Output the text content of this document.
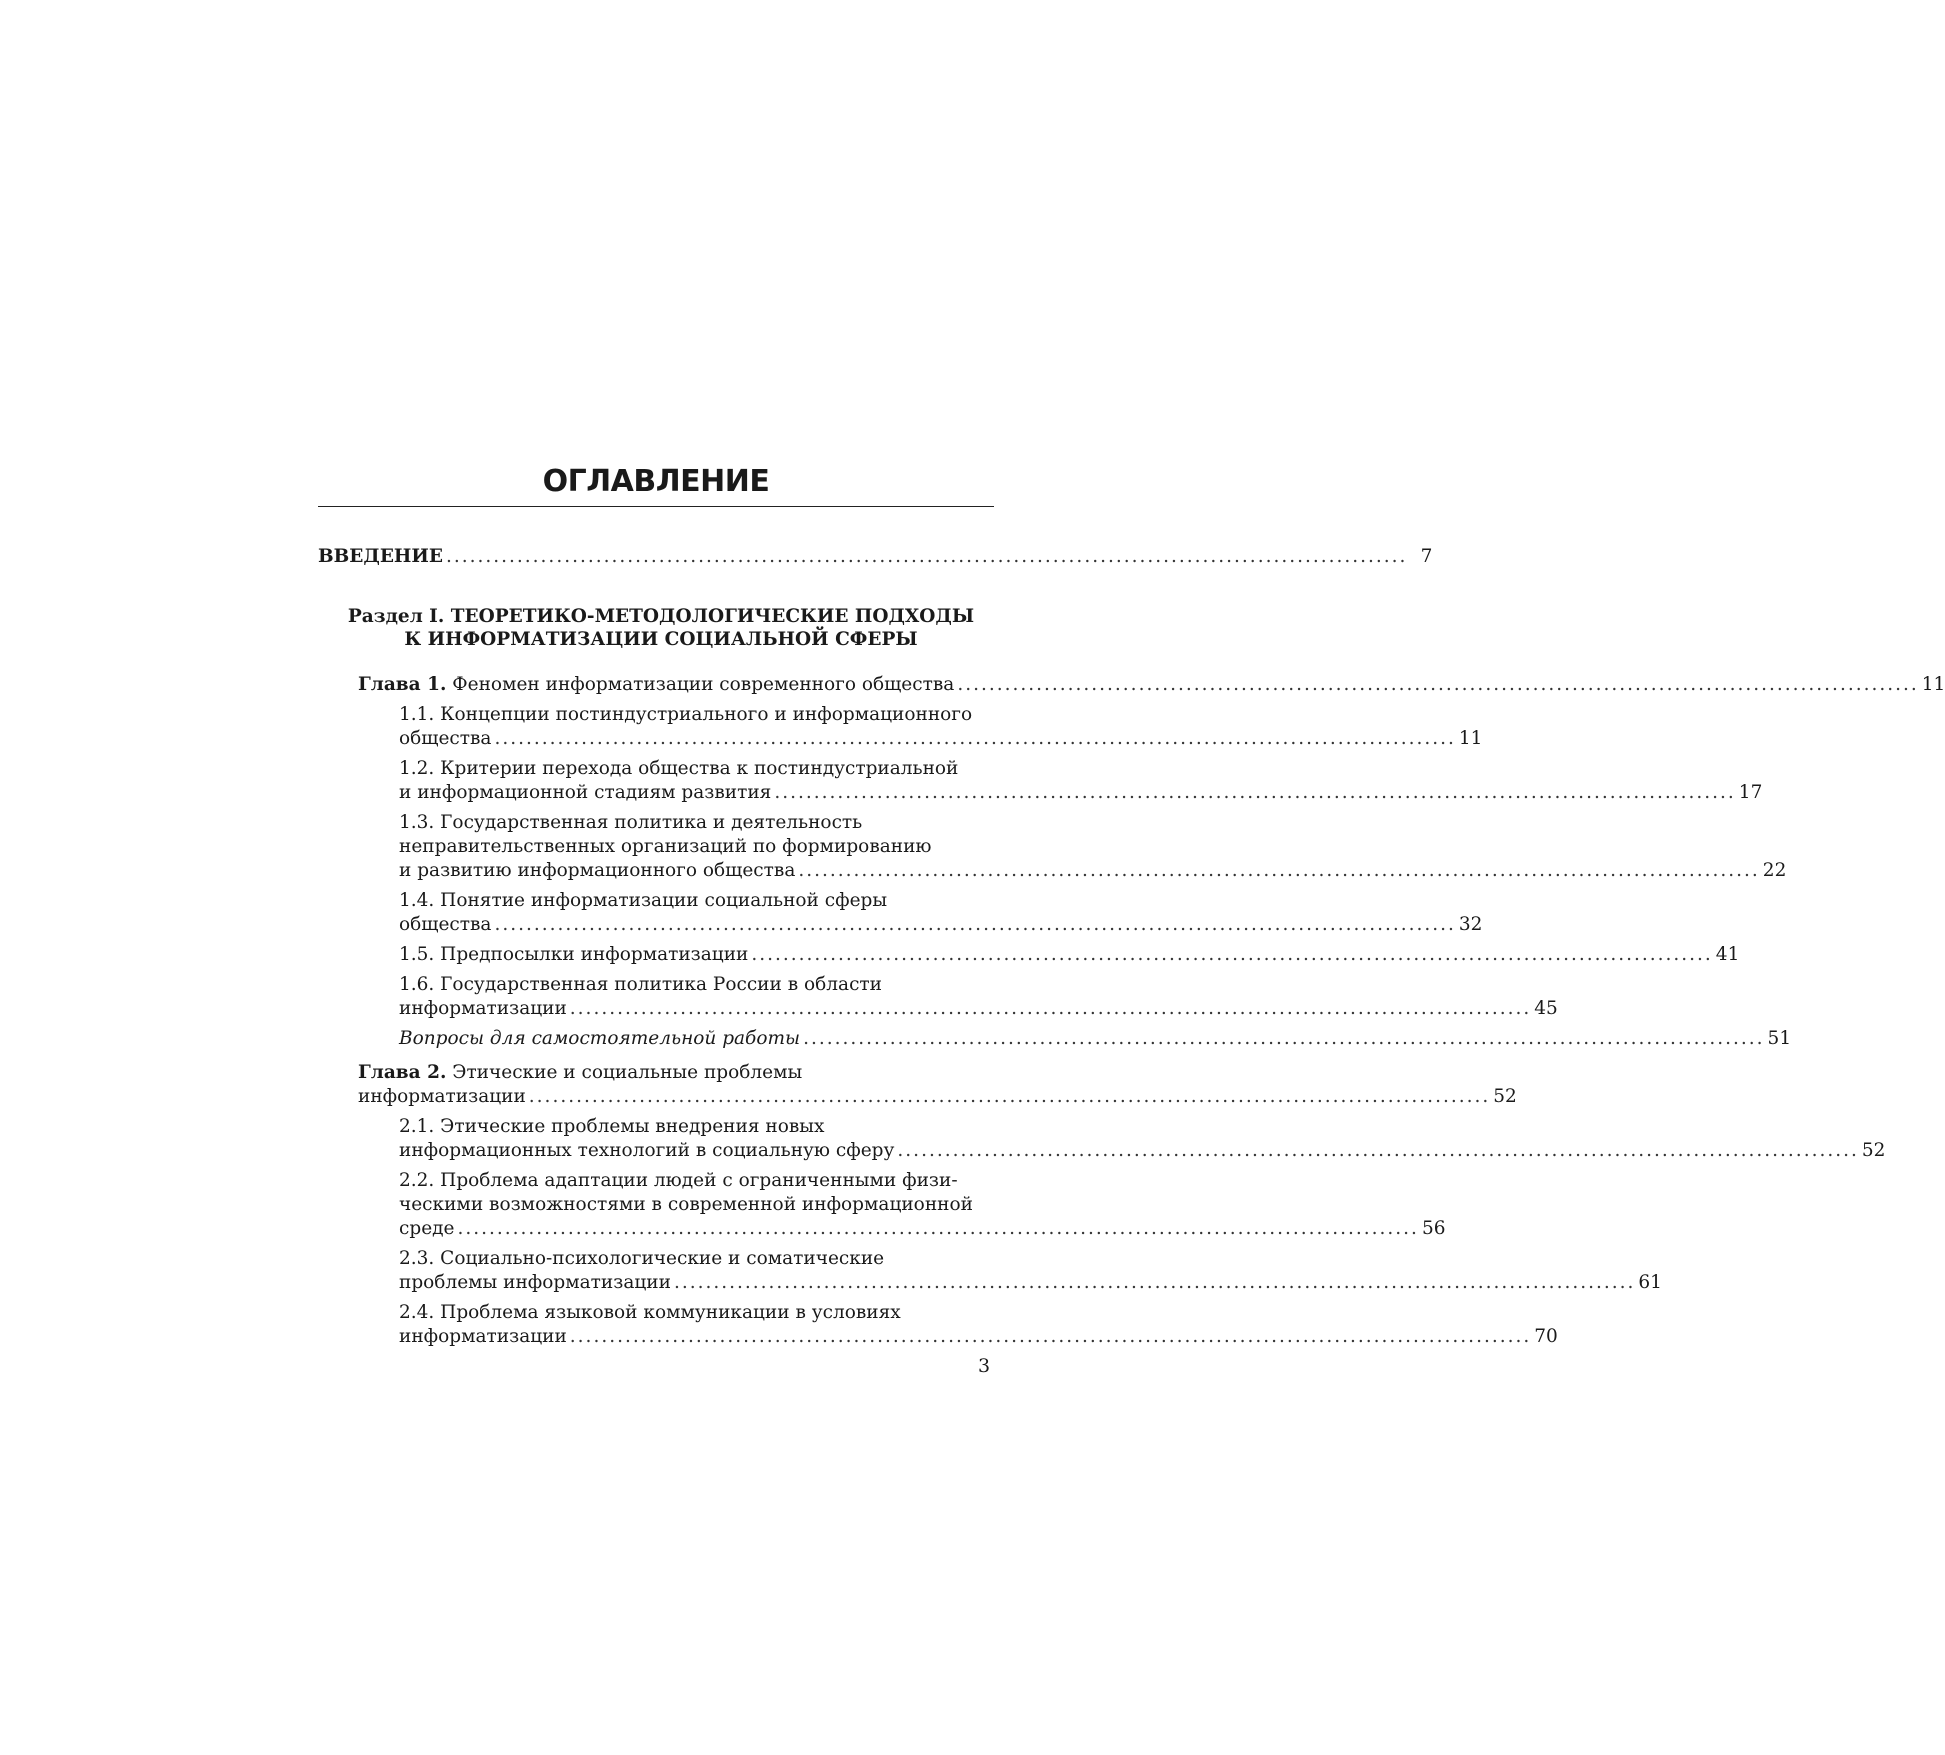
ОГЛАВЛЕНИЕ
ВВЕДЕНИЕ .......................................................................................................................... 7
Раздел I. ТЕОРЕТИКО-МЕТОДОЛОГИЧЕСКИЕ ПОДХОДЫ
К ИНФОРМАТИЗАЦИИ СОЦИАЛЬНОЙ СФЕРЫ
Глава 1. Феномен информатизации современного общества .......................................................................................................................... 11
1.1. Концепции постиндустриального и информационного
общества .......................................................................................................................... 11
1.2. Критерии перехода общества к постиндустриальной
и информационной стадиям развития .......................................................................................................................... 17
1.3. Государственная политика и деятельность
неправительственных организаций по формированию
и развитию информационного общества .......................................................................................................................... 22
1.4. Понятие информатизации социальной сферы
общества .......................................................................................................................... 32
1.5. Предпосылки информатизации .......................................................................................................................... 41
1.6. Государственная политика России в области
информатизации .......................................................................................................................... 45
Вопросы для самостоятельной работы .......................................................................................................................... 51
Глава 2. Этические и социальные проблемы
информатизации .......................................................................................................................... 52
2.1. Этические проблемы внедрения новых
информационных технологий в социальную сферу .......................................................................................................................... 52
2.2. Проблема адаптации людей с ограниченными физи-
ческими возможностями в современной информационной
среде .......................................................................................................................... 56
2.3. Социально-психологические и соматические
проблемы информатизации .......................................................................................................................... 61
2.4. Проблема языковой коммуникации в условиях
информатизации .......................................................................................................................... 70
3
